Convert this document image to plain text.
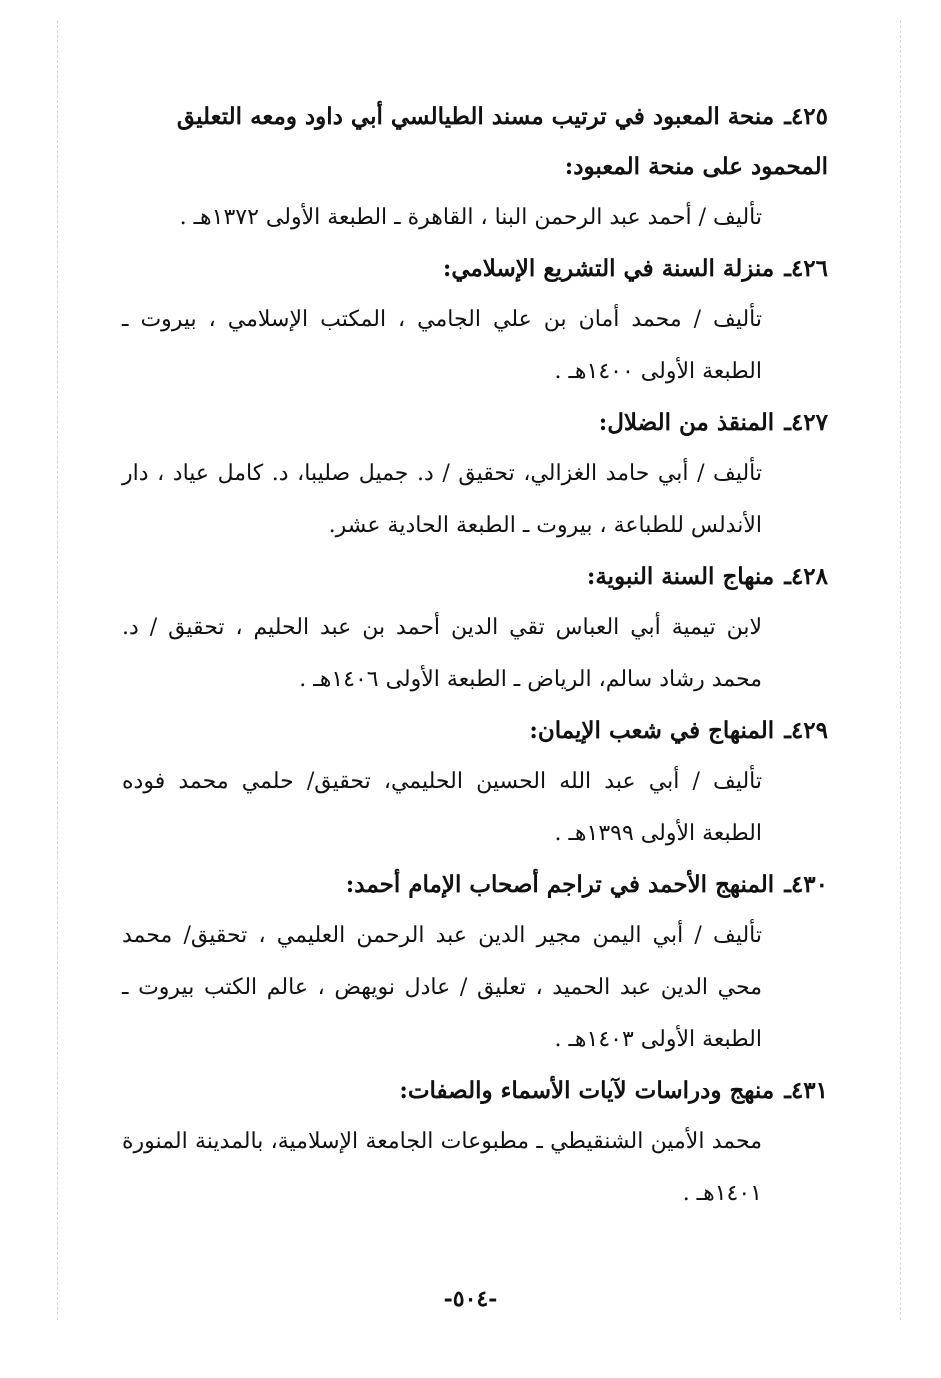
٤٢٥ـ منحة المعبود في ترتيب مسند الطيالسي أبي داود ومعه التعليق المحمود على منحة المعبود:

تأليف / أحمد عبد الرحمن البنا ، القاهرة ـ الطبعة الأولى ١٣٧٢هـ .

٤٢٦ـ منزلة السنة في التشريع الإسلامي:

تأليف / محمد أمان بن علي الجامي ، المكتب الإسلامي ، بيروت ـ الطبعة الأولى ١٤٠٠هـ .

٤٢٧ـ المنقذ من الضلال:

تأليف / أبي حامد الغزالي، تحقيق / د. جميل صليبا، د. كامل عياد ، دار الأندلس للطباعة ، بيروت ـ الطبعة الحادية عشر.

٤٢٨ـ منهاج السنة النبوية:

لابن تيمية أبي العباس تقي الدين أحمد بن عبد الحليم ، تحقيق / د. محمد رشاد سالم، الرياض ـ الطبعة الأولى ١٤٠٦هـ .

٤٢٩ـ المنهاج في شعب الإيمان:

تأليف / أبي عبد الله الحسين الحليمي، تحقيق/ حلمي محمد فوده الطبعة الأولى ١٣٩٩هـ .

٤٣٠ـ المنهج الأحمد في تراجم أصحاب الإمام أحمد:

تأليف / أبي اليمن مجير الدين عبد الرحمن العليمي ، تحقيق/ محمد محي الدين عبد الحميد ، تعليق / عادل نويهض ، عالم الكتب بيروت ـ الطبعة الأولى ١٤٠٣هـ .

٤٣١ـ منهج ودراسات لآيات الأسماء والصفات:

محمد الأمين الشنقيطي ـ مطبوعات الجامعة الإسلامية، بالمدينة المنورة ١٤٠١هـ .

-٥٠٤-
